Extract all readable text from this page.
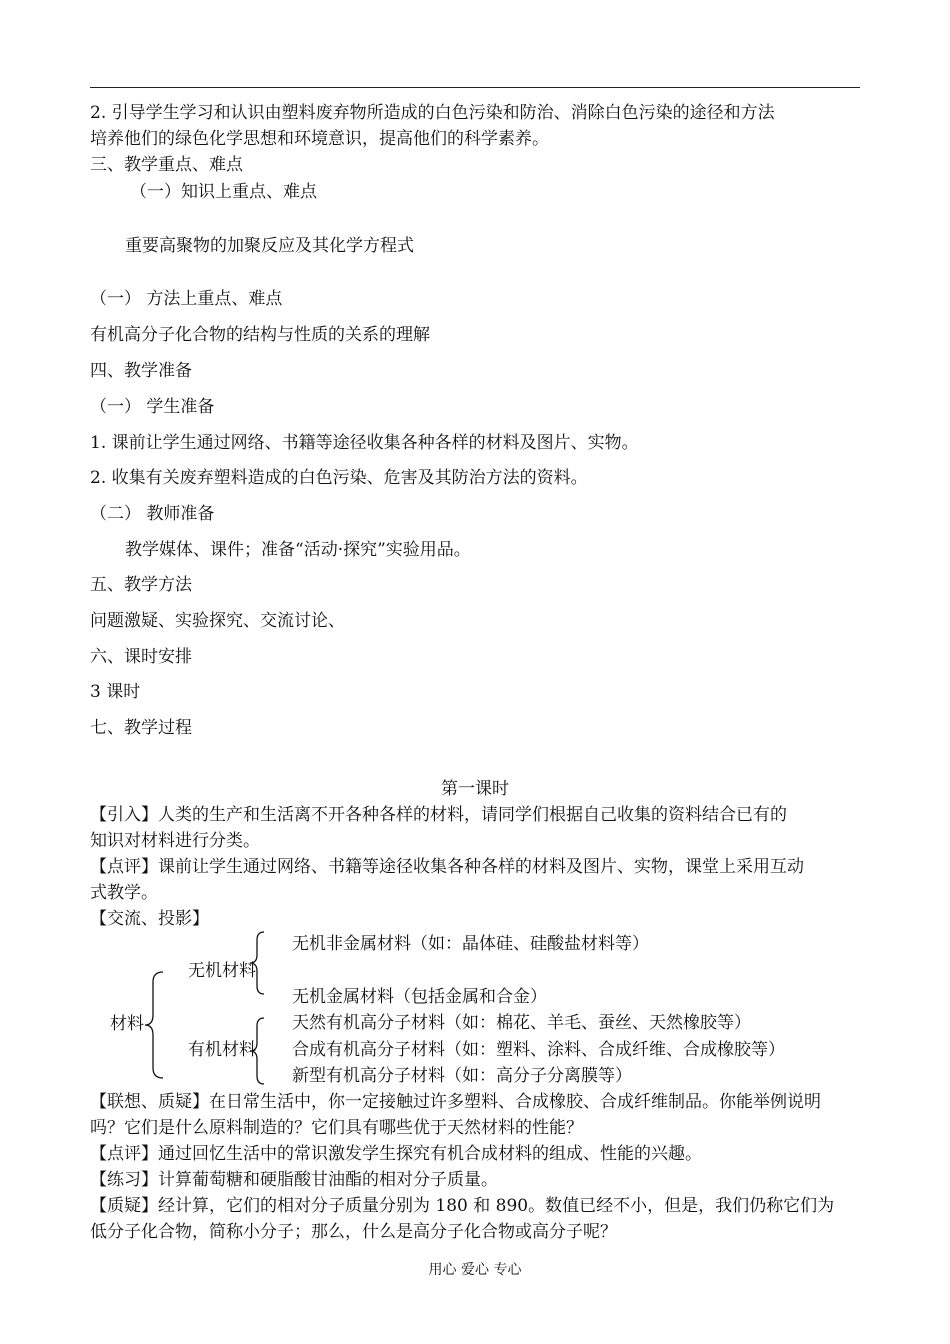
2. 引导学生学习和认识由塑料废弃物所造成的白色污染和防治、消除白色污染的途径和方法
培养他们的绿色化学思想和环境意识，提高他们的科学素养。
三、教学重点、难点
（一）知识上重点、难点
重要高聚物的加聚反应及其化学方程式
（一） 方法上重点、难点
有机高分子化合物的结构与性质的关系的理解
四、教学准备
（一） 学生准备
1. 课前让学生通过网络、书籍等途径收集各种各样的材料及图片、实物。
2. 收集有关废弃塑料造成的白色污染、危害及其防治方法的资料。
（二） 教师准备
教学媒体、课件；准备“活动·探究”实验用品。
五、教学方法
问题激疑、实验探究、交流讨论、
六、课时安排
3 课时
七、教学过程
第一课时
【引入】人类的生产和生活离不开各种各样的材料，请同学们根据自己收集的资料结合已有的
知识对材料进行分类。
【点评】课前让学生通过网络、书籍等途径收集各种各样的材料及图片、实物，课堂上采用互动
式教学。
【交流、投影】
材料
无机材料
无机非金属材料（如：晶体硅、硅酸盐材料等）
无机金属材料（包括金属和合金）
有机材料
天然有机高分子材料（如：棉花、羊毛、蚕丝、天然橡胶等）
合成有机高分子材料（如：塑料、涂料、合成纤维、合成橡胶等）
新型有机高分子材料（如：高分子分离膜等）
【联想、质疑】在日常生活中，你一定接触过许多塑料、合成橡胶、合成纤维制品。你能举例说明
吗？它们是什么原料制造的？它们具有哪些优于天然材料的性能？
【点评】通过回忆生活中的常识激发学生探究有机合成材料的组成、性能的兴趣。
【练习】计算葡萄糖和硬脂酸甘油酯的相对分子质量。
【质疑】经计算，它们的相对分子质量分别为 180 和 890。数值已经不小，但是，我们仍称它们为
低分子化合物，简称小分子；那么，什么是高分子化合物或高分子呢？
用心 爱心 专心
